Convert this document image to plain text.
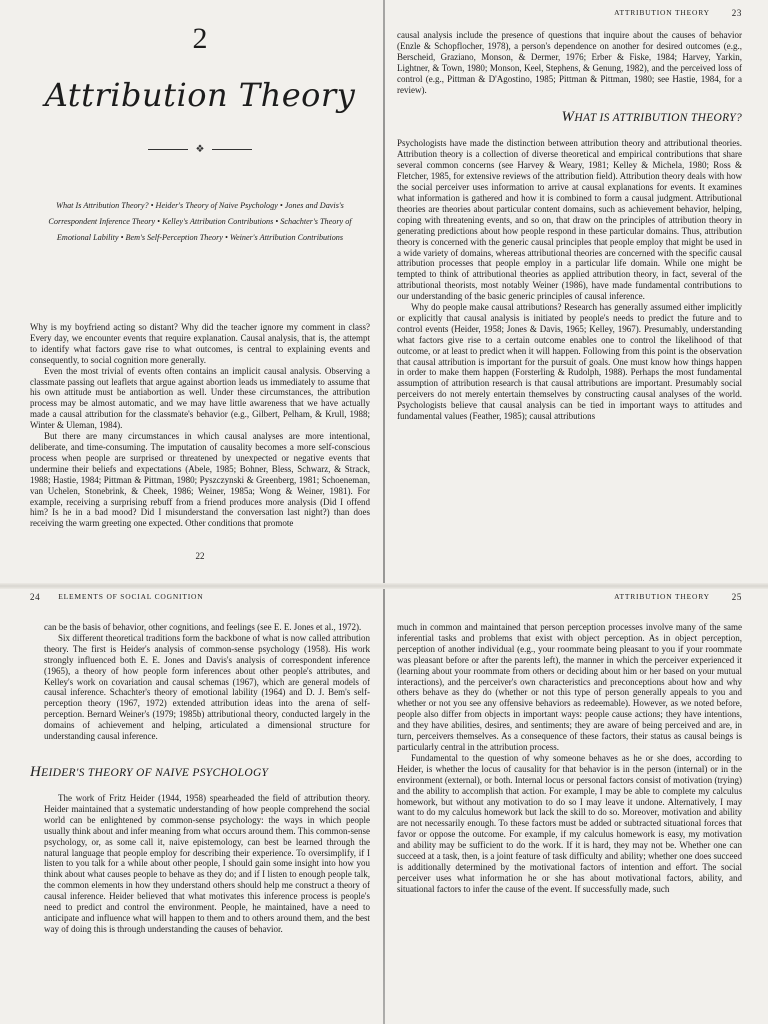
2
Attribution Theory
❖
What Is Attribution Theory? • Heider's Theory of Naive Psychology • Jones and Davis's Correspondent Inference Theory • Kelley's Attribution Contributions • Schachter's Theory of Emotional Lability • Bem's Self-Perception Theory • Weiner's Attribution Contributions

Why is my boyfriend acting so distant? Why did the teacher ignore my comment in class? Every day, we encounter events that require explanation. Causal analysis, that is, the attempt to identify what factors gave rise to what outcomes, is central to explaining events and consequently, to social cognition more generally.

Even the most trivial of events often contains an implicit causal analysis. Observing a classmate passing out leaflets that argue against abortion leads us immediately to assume that his own attitude must be antiabortion as well. Under these circumstances, the attribution process may be almost automatic, and we may have little awareness that we have actually made a causal attribution for the classmate's behavior (e.g., Gilbert, Pelham, & Krull, 1988; Winter & Uleman, 1984).

But there are many circumstances in which causal analyses are more intentional, deliberate, and time-consuming. The imputation of causality becomes a more self-conscious process when people are surprised or threatened by unexpected or negative events that undermine their beliefs and expectations (Abele, 1985; Bohner, Bless, Schwarz, & Strack, 1988; Hastie, 1984; Pittman & Pittman, 1980; Pyszczynski & Greenberg, 1981; Schoeneman, van Uchelen, Stonebrink, & Cheek, 1986; Weiner, 1985a; Wong & Weiner, 1981). For example, receiving a surprising rebuff from a friend produces more analysis (Did I offend him? Is he in a bad mood? Did I misunderstand the conversation last night?) than does receiving the warm greeting one expected. Other conditions that promote

22
ATTRIBUTION THEORY 23

causal analysis include the presence of questions that inquire about the causes of behavior (Enzle & Schopflocher, 1978), a person's dependence on another for desired outcomes (e.g., Berscheid, Graziano, Monson, & Dermer, 1976; Erber & Fiske, 1984; Harvey, Yarkin, Lightner, & Town, 1980; Monson, Keel, Stephens, & Genung, 1982), and the perceived loss of control (e.g., Pittman & D'Agostino, 1985; Pittman & Pittman, 1980; see Hastie, 1984, for a review).

WHAT IS ATTRIBUTION THEORY?

Psychologists have made the distinction between attribution theory and attributional theories. Attribution theory is a collection of diverse theoretical and empirical contributions that share several common concerns (see Harvey & Weary, 1981; Kelley & Michela, 1980; Ross & Fletcher, 1985, for extensive reviews of the attribution field). Attribution theory deals with how the social perceiver uses information to arrive at causal explanations for events. It examines what information is gathered and how it is combined to form a causal judgment. Attributional theories are theories about particular content domains, such as achievement behavior, helping, coping with threatening events, and so on, that draw on the principles of attribution theory in generating predictions about how people respond in these particular domains. Thus, attribution theory is concerned with the generic causal principles that people employ that might be used in a wide variety of domains, whereas attributional theories are concerned with the specific causal attribution processes that people employ in a particular life domain. While one might be tempted to think of attributional theories as applied attribution theory, in fact, several of the attributional theorists, most notably Weiner (1986), have made fundamental contributions to our understanding of the basic generic principles of causal inference.

Why do people make causal attributions? Research has generally assumed either implicitly or explicitly that causal analysis is initiated by people's needs to predict the future and to control events (Heider, 1958; Jones & Davis, 1965; Kelley, 1967). Presumably, understanding what factors give rise to a certain outcome enables one to control the likelihood of that outcome, or at least to predict when it will happen. Following from this point is the observation that causal attribution is important for the pursuit of goals. One must know how things happen in order to make them happen (Forsterling & Rudolph, 1988). Perhaps the most fundamental assumption of attribution research is that causal attributions are important. Presumably social perceivers do not merely entertain themselves by constructing causal analyses of the world. Psychologists believe that causal analysis can be tied in important ways to attitudes and fundamental values (Feather, 1985); causal attributions

24 ELEMENTS OF SOCIAL COGNITION

can be the basis of behavior, other cognitions, and feelings (see E. E. Jones et al., 1972).

Six different theoretical traditions form the backbone of what is now called attribution theory. The first is Heider's analysis of common-sense psychology (1958). His work strongly influenced both E. E. Jones and Davis's analysis of correspondent inference (1965), a theory of how people form inferences about other people's attributes, and Kelley's work on covariation and causal schemas (1967), which are general models of causal inference. Schachter's theory of emotional lability (1964) and D. J. Bem's self-perception theory (1967, 1972) extended attribution ideas into the arena of self-perception. Bernard Weiner's (1979; 1985b) attributional theory, conducted largely in the domains of achievement and helping, articulated a dimensional structure for understanding causal inference.

HEIDER'S THEORY OF NAIVE PSYCHOLOGY

The work of Fritz Heider (1944, 1958) spearheaded the field of attribution theory. Heider maintained that a systematic understanding of how people comprehend the social world can be enlightened by common-sense psychology: the ways in which people usually think about and infer meaning from what occurs around them. This common-sense psychology, or, as some call it, naive epistemology, can best be learned through the natural language that people employ for describing their experience. To oversimplify, if I listen to you talk for a while about other people, I should gain some insight into how you think about what causes people to behave as they do; and if I listen to enough people talk, the common elements in how they understand others should help me construct a theory of causal inference. Heider believed that what motivates this inference process is people's need to predict and control the environment. People, he maintained, have a need to anticipate and influence what will happen to them and to others around them, and the best way of doing this is through understanding the causes of behavior.

ATTRIBUTION THEORY 25

much in common and maintained that person perception processes involve many of the same inferential tasks and problems that exist with object perception. As in object perception, perception of another individual (e.g., your roommate being pleasant to you if your roommate was pleasant before or after the parents left), the manner in which the perceiver experienced it (learning about your roommate from others or deciding about him or her based on your mutual interactions), and the perceiver's own characteristics and preconceptions about how and why others behave as they do (whether or not this type of person generally appeals to you and whether or not you see any offensive behaviors as redeemable). However, as we noted before, people also differ from objects in important ways: people cause actions; they have intentions, and they have abilities, desires, and sentiments; they are aware of being perceived and are, in turn, perceivers themselves. As a consequence of these factors, their status as causal beings is particularly central in the attribution process.

Fundamental to the question of why someone behaves as he or she does, according to Heider, is whether the locus of causality for that behavior is in the person (internal) or in the environment (external), or both. Internal locus or personal factors consist of motivation (trying) and the ability to accomplish that action. For example, I may be able to complete my calculus homework, but without any motivation to do so I may leave it undone. Alternatively, I may want to do my calculus homework but lack the skill to do so. Moreover, motivation and ability are not necessarily enough. To these factors must be added or subtracted situational forces that favor or oppose the outcome. For example, if my calculus homework is easy, my motivation and ability may be sufficient to do the work. If it is hard, they may not be. Whether one can succeed at a task, then, is a joint feature of task difficulty and ability; whether one does succeed is additionally determined by the motivational factors of intention and effort. The social perceiver uses what information he or she has about motivational factors, ability, and situational factors to infer the cause of the event. If successfully made, such
